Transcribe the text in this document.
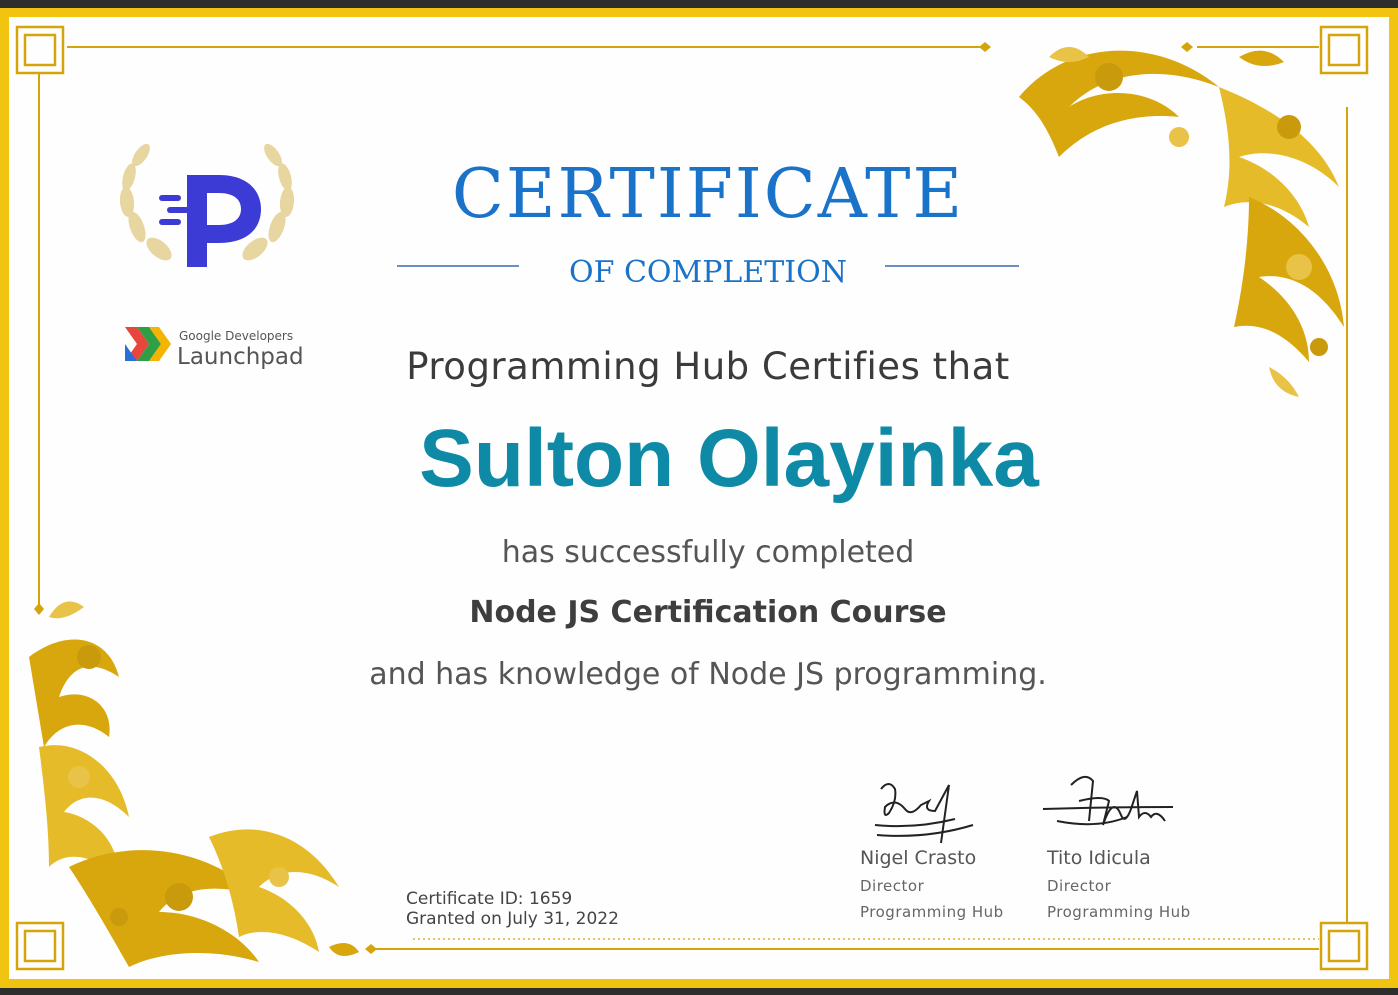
CERTIFICATE
OF COMPLETION
Google Developers
Launchpad	Programming Hub Certifies that
Sulton Olayinka
has successfully completed
Node JS Certification Course
and has knowledge of Node JS programming.
Certificate ID: 1659
Granted on July 31, 2022
Nigel Crasto
Director
Programming Hub
Tito Idicula
Director
Programming Hub
